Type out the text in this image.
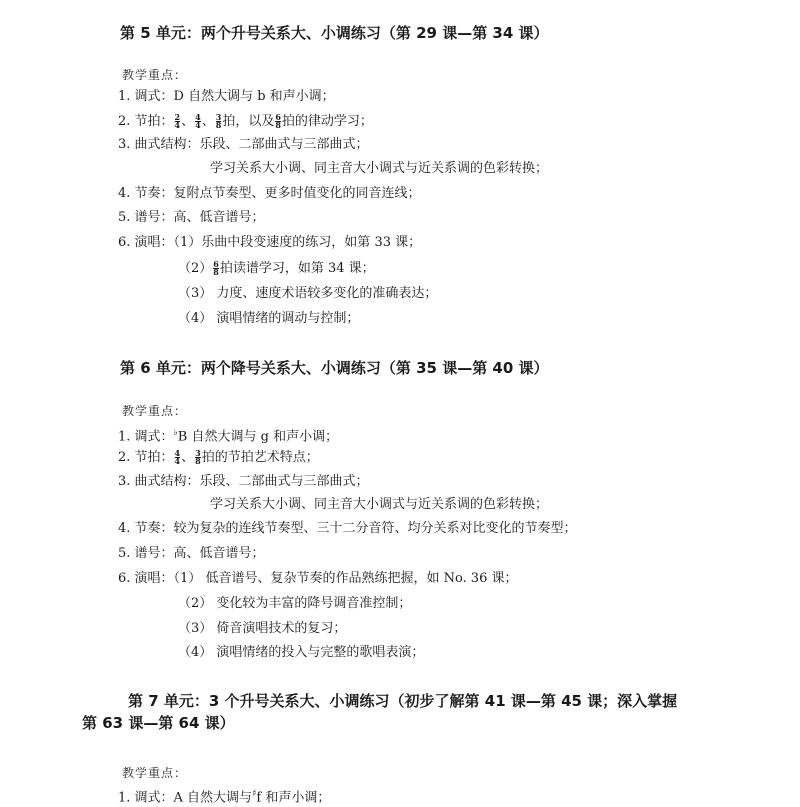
第 5 单元：两个升号关系大、小调练习（第 29 课—第 34 课）
教学重点：
1. 调式：D 自然大调与 b 和声小调；
2. 节拍： $\frac{2}{4}$ 、 $\frac{4}{4}$ 、 $\frac{3}{8}$ 拍，以及 $\frac{6}{8}$ 拍的律动学习；
3. 曲式结构：乐段、二部曲式与三部曲式；
学习关系大小调、同主音大小调式与近关系调的色彩转换；
4. 节奏：复附点节奏型、更多时值变化的同音连线；
5. 谱号：高、低音谱号；
6. 演唱：（1）乐曲中段变速度的练习，如第 33 课；
$(2) \frac{6}{8}$ 拍读谱学习，如第 34 课；
（3） 力度、速度术语较多变化的准确表达；
（4） 演唱情绪的调动与控制；
第 6 单元：两个降号关系大、小调练习（第 35 课—第 40 课）
教学重点：
1. 调式：♭B 自然大调与 g 和声小调；
2. 节拍： $\frac{4}{4}$ 、 $\frac{3}{8}$ 拍的节拍艺术特点；
3. 曲式结构：乐段、二部曲式与三部曲式；
学习关系大小调、同主音大小调式与近关系调的色彩转换；
4. 节奏：较为复杂的连线节奏型、三十二分音符、均分关系对比变化的节奏型；
5. 谱号：高、低音谱号；
6. 演唱：（1） 低音谱号、复杂节奏的作品熟练把握，如 No. 36 课；
（2） 变化较为丰富的降号调音准控制；
（3） 倚音演唱技术的复习；
（4） 演唱情绪的投入与完整的歌唱表演；
第 7 单元：3 个升号关系大、小调练习（初步了解第 41 课—第 45 课；深入掌握第 63 课—第 64 课）
教学重点：
1. 调式：A 自然大调与♯f 和声小调；
